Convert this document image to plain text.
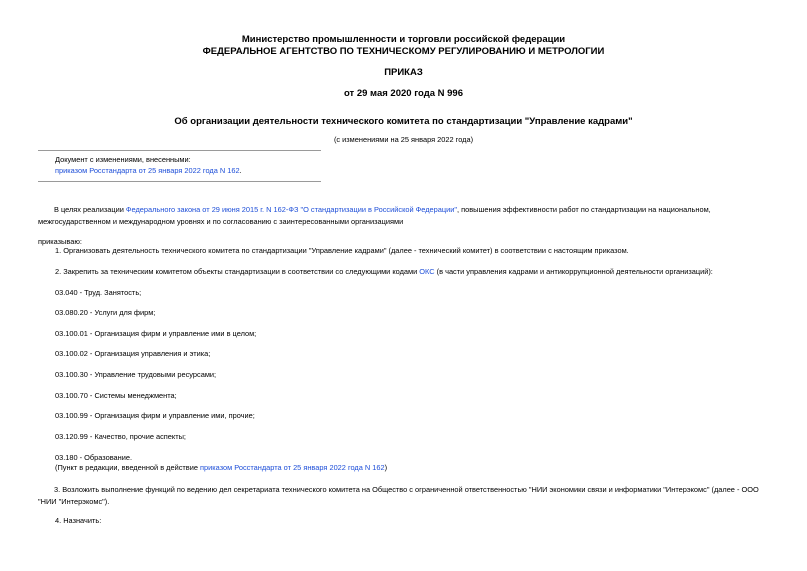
Министерство промышленности и торговли российской федерации
ФЕДЕРАЛЬНОЕ АГЕНТСТВО ПО ТЕХНИЧЕСКОМУ РЕГУЛИРОВАНИЮ И МЕТРОЛОГИИ
ПРИКАЗ
от 29 мая 2020 года N 996
Об организации деятельности технического комитета по стандартизации "Управление кадрами"
(с изменениями на 25 января 2022 года)
Документ с изменениями, внесенными:
приказом Росстандарта от 25 января 2022 года N 162.
В целях реализации Федерального закона от 29 июня 2015 г. N 162-ФЗ "О стандартизации в Российской Федерации", повышения эффективности работ по стандартизации на национальном, межгосударственном и международном уровнях и по согласованию с заинтересованными организациями
приказываю:
1. Организовать деятельность технического комитета по стандартизации "Управление кадрами" (далее - технический комитет) в соответствии с настоящим приказом.
2. Закрепить за техническим комитетом объекты стандартизации в соответствии со следующими кодами ОКС (в части управления кадрами и антикоррупционной деятельности организаций):
03.040 - Труд. Занятость;
03.080.20 - Услуги для фирм;
03.100.01 - Организация фирм и управление ими в целом;
03.100.02 - Организация управления и этика;
03.100.30 - Управление трудовыми ресурсами;
03.100.70 - Системы менеджмента;
03.100.99 - Организация фирм и управление ими, прочие;
03.120.99 - Качество, прочие аспекты;
03.180 - Образование.
(Пункт в редакции, введенной в действие приказом Росстандарта от 25 января 2022 года N 162)
3. Возложить выполнение функций по ведению дел секретариата технического комитета на Общество с ограниченной ответственностью "НИИ экономики связи и информатики "Интерэкомс" (далее - ООО "НИИ "Интерэкомс").
4. Назначить:
